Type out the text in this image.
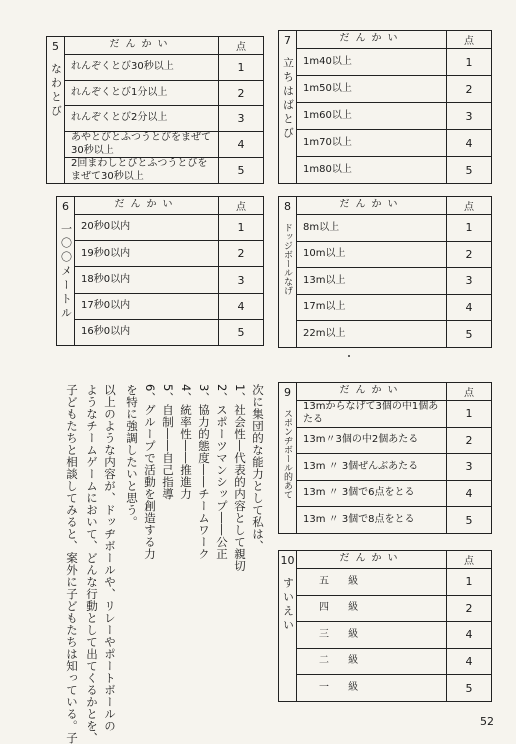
5
なわとび
だんかい	点
れんぞくとび30秒以上	1
れんぞくとび1分以上	2
れんぞくとび2分以上	3
あやとびとふつうとびをまぜて30秒以上	4
2回まわしとびとふつうとびをまぜて30秒以上	5
7
立ちはばとび
だんかい	点
1m40以上	1
1m50以上	2
1m60以上	3
1m70以上	4
1m80以上	5
6
一〇〇メートル
だんかい	点
20秒0以内	1
19秒0以内	2
18秒0以内	3
17秒0以内	4
16秒0以内	5
8
ドッジボールなげ
だんかい	点
8m以上	1
10m以上	2
13m以上	3
17m以上	4
22m以上	5
9
スポンヂボール的あて
だんかい	点
13mからなげて3個の中1個あたる	1
13m〃3個の中2個あたる	2
13m 〃 3個ぜんぶあたる	3
13m 〃 3個で6点をとる	4
13m 〃 3個で8点をとる	5
10
すいえい
だんかい	点
五 級	1
四 級	2
三 級	4
二 級	4
一 級	5
次に集団的な能力として私は、
1、社会性―代表的内容として親切
2、スポーツマンシップ――公正
3、協力的態度――チームワーク
4、統率性――推進力
5、自制――自己指導
6、グループで活動を創造する力
を特に強調したいと思う。
以上のような内容が、ドッヂボールや、リレーやポートボールの
ようなチームゲームにおいて、どんな行動として出てくるかとを、
子どもたちと相談してみると、案外に子どもたちは知っている。子	52
